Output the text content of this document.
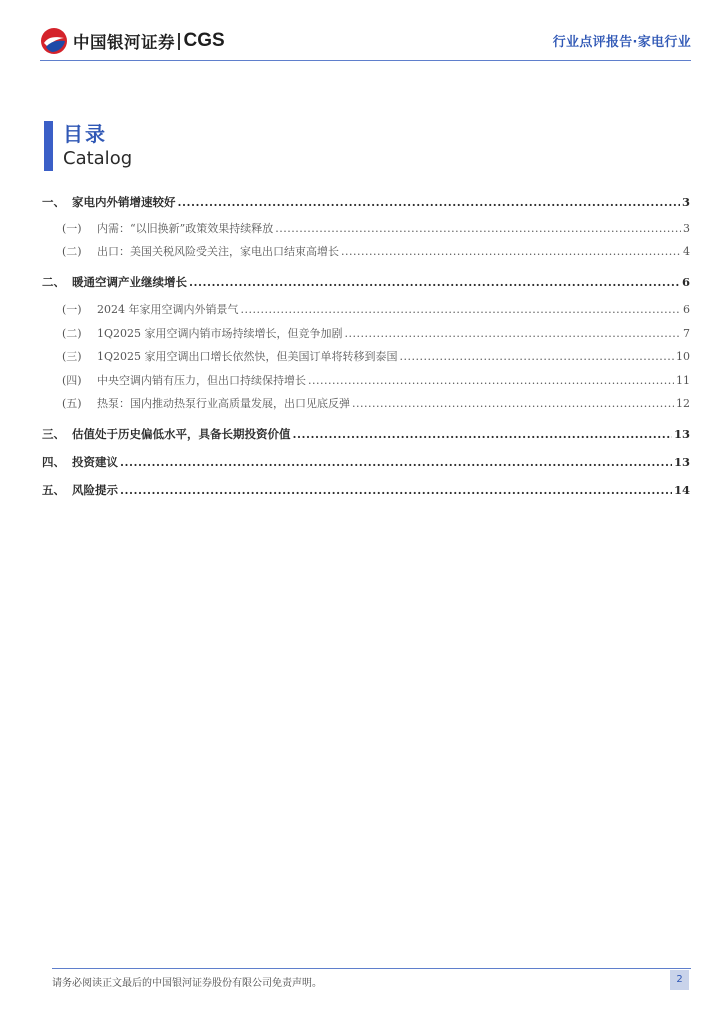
中国银河证券 CGS	行业点评报告·家电行业
目录
Catalog
一、 家电内外销增速较好 .....	3
(一)	内需：“以旧换新”政策效果持续释放 .....	3
(二)	出口：美国关税风险受关注，家电出口结束高增长 .....	4
二、 暖通空调产业继续增长 .....	6
(一)	2024 年家用空调内外销景气 .....	6
(二)	1Q2025 家用空调内销市场持续增长，但竞争加剧 .....	7
(三)	1Q2025 家用空调出口增长依然快，但美国订单将转移到泰国 .....	10
(四)	中央空调内销有压力，但出口持续保持增长 .....	11
(五)	热泵：国内推动热泵行业高质量发展，出口见底反弹 .....	12
三、 估值处于历史偏低水平，具备长期投资价值 .....	13
四、 投资建议 .....	13
五、 风险提示 .....	14
请务必阅读正文最后的中国银河证券股份有限公司免责声明。	2
